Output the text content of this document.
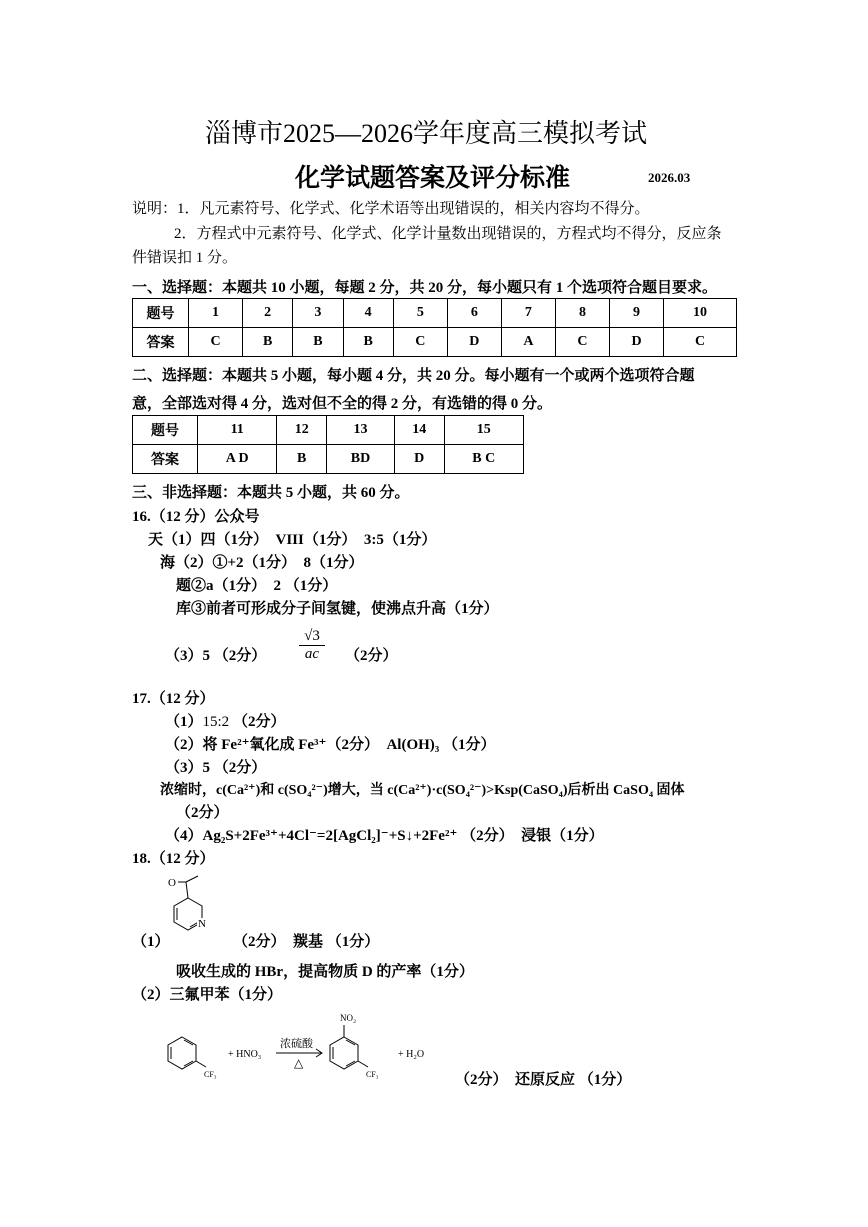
淄博市2025—2026学年度高三模拟考试
化学试题答案及评分标准	2026.03
说明：1．凡元素符号、化学式、化学术语等出现错误的，相关内容均不得分。
2．方程式中元素符号、化学式、化学计量数出现错误的，方程式均不得分，反应条
件错误扣 1 分。
一、选择题：本题共 10 小题，每题 2 分，共 20 分，每小题只有 1 个选项符合题目要求。
题号	1	2	3	4	5	6	7	8	9	10
答案	C	B	B	B	C	D	A	C	D	C
二、选择题：本题共 5 小题，每小题 4 分，共 20 分。每小题有一个或两个选项符合题
意，全部选对得 4 分，选对但不全的得 2 分，有选错的得 0 分。
题号	11	12	13	14	15
答案	A D	B	BD	D	B C
三、非选择题：本题共 5 小题，共 60 分。
16.（12 分）公众号
天（1）四（1分）　VIII（1分）　3:5（1分）
海（2）①+2（1分）　8（1分）
题②a（1分）　2 （1分）
库③前者可形成分子间氢键，使沸点升高（1分）
（3）5 （2分）
√3
ac	（2分）
17.（12 分）
（1）15:2 （2分）
（2）将 Fe²⁺氧化成 Fe³⁺（2分）　Al(OH)₃ （1分）
（3）5 （2分）
浓缩时，c(Ca²⁺)和 c(SO₄²⁻)增大，当 c(Ca²⁺)·c(SO₄²⁻)>Ksp(CaSO₄)后析出 CaSO₄ 固体
（2分）
（4）Ag₂S+2Fe³⁺+4Cl⁻=2[AgCl₂]⁻+S↓+2Fe²⁺ （2分）　浸银（1分）
18.（12 分）
O
N
（1）	（2分）　羰基 （1分）
吸收生成的 HBr，提高物质 D 的产率（1分）
（2）三氟甲苯（1分）
CF₃
+ HNO₃
浓硫酸
△
NO₂
CF₃
+ H₂O
（2分）　还原反应 （1分）
